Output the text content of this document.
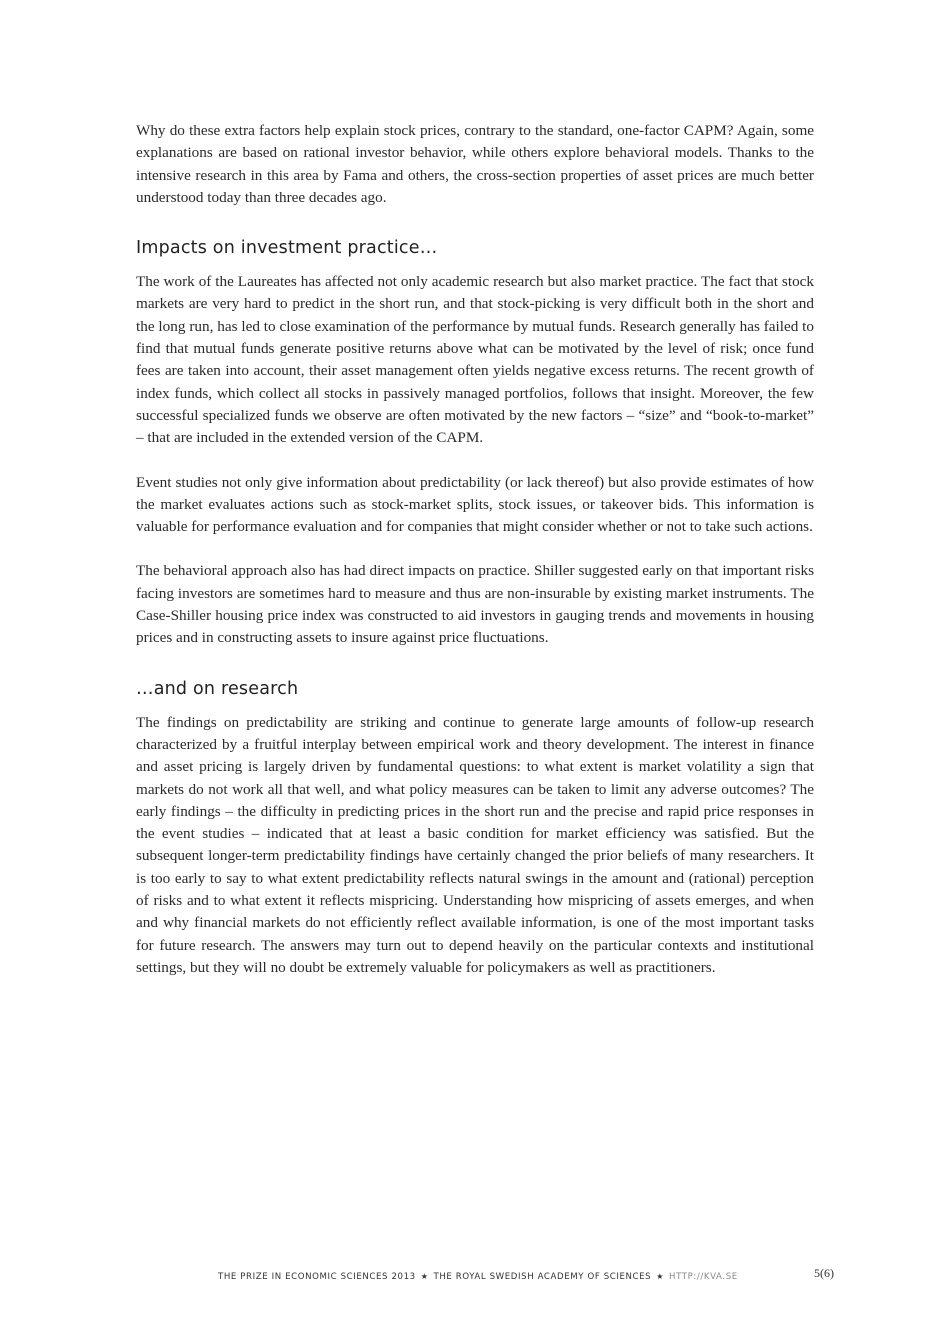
Why do these extra factors help explain stock prices, contrary to the standard, one-factor CAPM? Again, some explanations are based on rational investor behavior, while others explore behavioral models. Thanks to the intensive research in this area by Fama and others, the cross-section properties of asset prices are much better understood today than three decades ago.

Impacts on investment practice…

The work of the Laureates has affected not only academic research but also market practice. The fact that stock markets are very hard to predict in the short run, and that stock-picking is very difficult both in the short and the long run, has led to close examination of the performance by mutual funds. Research generally has failed to find that mutual funds generate positive returns above what can be motivated by the level of risk; once fund fees are taken into account, their asset management often yields negative excess returns. The recent growth of index funds, which collect all stocks in passively managed portfolios, follows that insight. Moreover, the few successful specialized funds we observe are often motivated by the new factors – “size” and “book-to-market” – that are included in the extended version of the CAPM.

Event studies not only give information about predictability (or lack thereof) but also provide estimates of how the market evaluates actions such as stock-market splits, stock issues, or takeover bids. This information is valuable for performance evaluation and for companies that might consider whether or not to take such actions.

The behavioral approach also has had direct impacts on practice. Shiller suggested early on that important risks facing investors are sometimes hard to measure and thus are non-insurable by existing market instruments. The Case-Shiller housing price index was constructed to aid investors in gauging trends and movements in housing prices and in constructing assets to insure against price fluctuations.

…and on research

The findings on predictability are striking and continue to generate large amounts of follow-up research characterized by a fruitful interplay between empirical work and theory development. The interest in finance and asset pricing is largely driven by fundamental questions: to what extent is market volatility a sign that markets do not work all that well, and what policy measures can be taken to limit any adverse outcomes? The early findings – the difficulty in predicting prices in the short run and the precise and rapid price responses in the event studies – indicated that at least a basic condition for market efficiency was satisfied. But the subsequent longer-term predictability findings have certainly changed the prior beliefs of many researchers. It is too early to say to what extent predictability reflects natural swings in the amount and (rational) perception of risks and to what extent it reflects mispricing. Understanding how mispricing of assets emerges, and when and why financial markets do not efficiently reflect available information, is one of the most important tasks for future research. The answers may turn out to depend heavily on the particular contexts and institutional settings, but they will no doubt be extremely valuable for policymakers as well as practitioners.

THE PRIZE IN ECONOMIC SCIENCES 2013 ★ THE ROYAL SWEDISH ACADEMY OF SCIENCES ★ HTTP://KVA.SE	5(6)
